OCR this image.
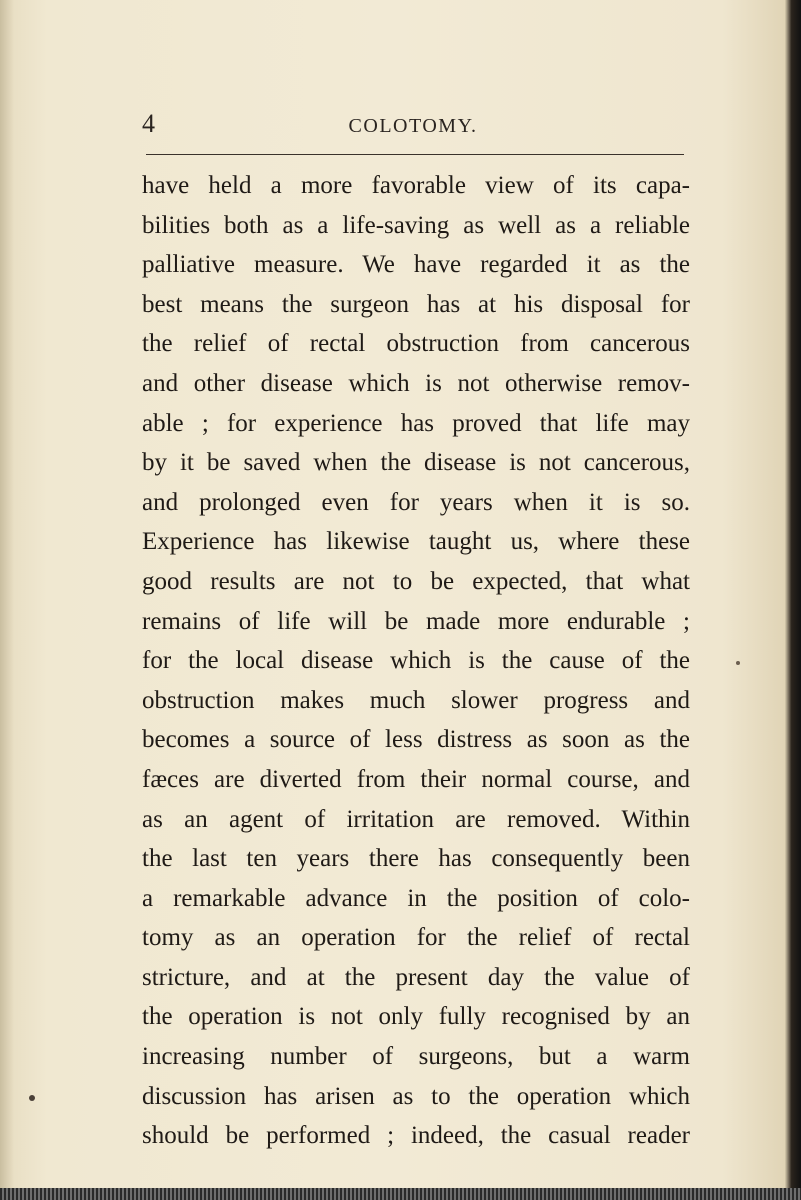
4	COLOTOMY.
have held a more favorable view of its capa-
bilities both as a life-saving as well as a reliable
palliative measure. We have regarded it as the
best means the surgeon has at his disposal for
the relief of rectal obstruction from cancerous
and other disease which is not otherwise remov-
able ; for experience has proved that life may
by it be saved when the disease is not cancerous,
and prolonged even for years when it is so.
Experience has likewise taught us, where these
good results are not to be expected, that what
remains of life will be made more endurable ;
for the local disease which is the cause of the
obstruction makes much slower progress and
becomes a source of less distress as soon as the
fæces are diverted from their normal course, and
as an agent of irritation are removed. Within
the last ten years there has consequently been
a remarkable advance in the position of colo-
tomy as an operation for the relief of rectal
stricture, and at the present day the value of
the operation is not only fully recognised by an
increasing number of surgeons, but a warm
discussion has arisen as to the operation which
should be performed ; indeed, the casual reader
